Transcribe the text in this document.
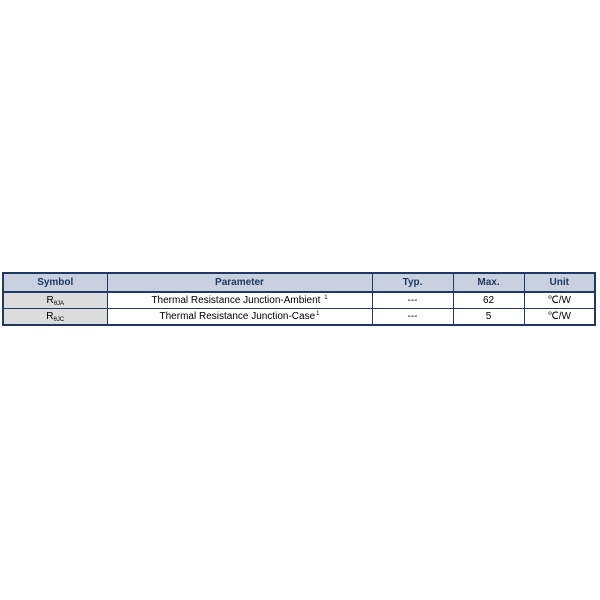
Symbol	Parameter	Typ.	Max.	Unit
$R_{\theta JA}$	Thermal Resistance Junction-Ambient $^1$	---	62	℃/W
$R_{\theta JC}$	Thermal Resistance Junction-Case$^1$	---	5	℃/W
